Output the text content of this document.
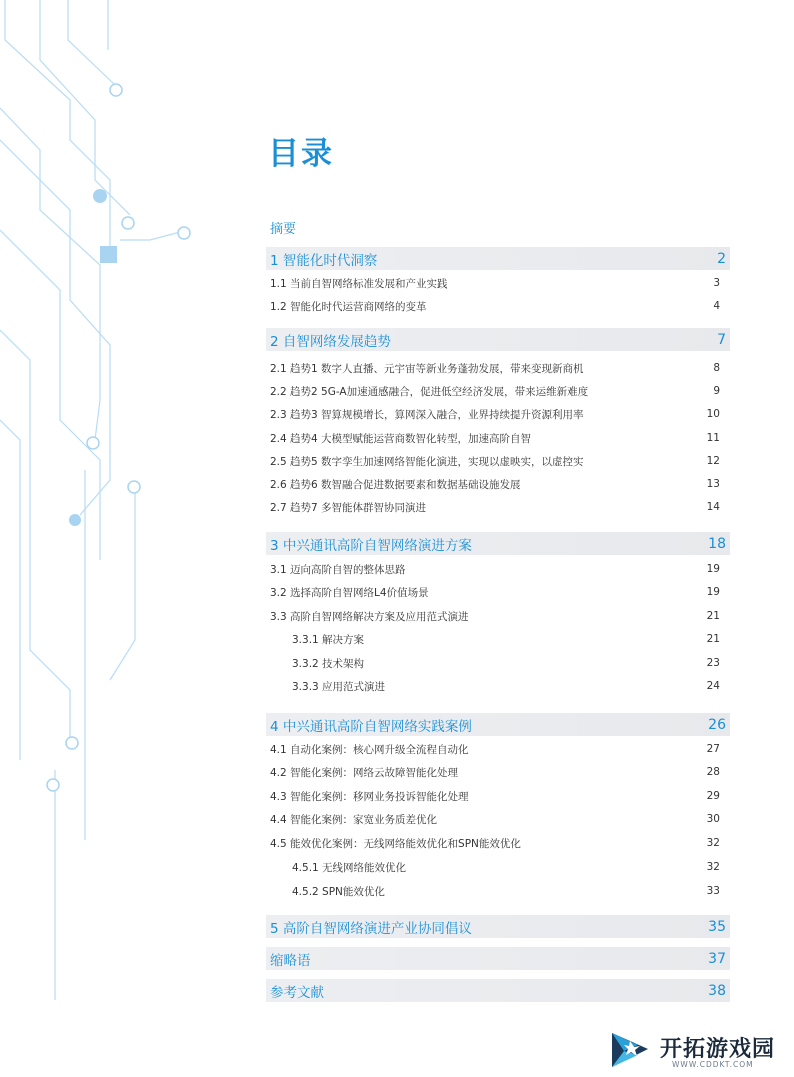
目录
摘要
1 智能化时代洞察	2
1.1 当前自智网络标准发展和产业实践	3
1.2 智能化时代运营商网络的变革	4
2 自智网络发展趋势	7
2.1 趋势1 数字人直播、元宇宙等新业务蓬勃发展，带来变现新商机	8
2.2 趋势2 5G-A加速通感融合，促进低空经济发展，带来运维新难度	9
2.3 趋势3 智算规模增长，算网深入融合，业界持续提升资源利用率	10
2.4 趋势4 大模型赋能运营商数智化转型，加速高阶自智	11
2.5 趋势5 数字孪生加速网络智能化演进，实现以虚映实，以虚控实	12
2.6 趋势6 数智融合促进数据要素和数据基础设施发展	13
2.7 趋势7 多智能体群智协同演进	14
3 中兴通讯高阶自智网络演进方案	18
3.1 迈向高阶自智的整体思路	19
3.2 选择高阶自智网络L4价值场景	19
3.3 高阶自智网络解决方案及应用范式演进	21
3.3.1 解决方案	21
3.3.2 技术架构	23
3.3.3 应用范式演进	24
4 中兴通讯高阶自智网络实践案例	26
4.1 自动化案例：核心网升级全流程自动化	27
4.2 智能化案例：网络云故障智能化处理	28
4.3 智能化案例：移网业务投诉智能化处理	29
4.4 智能化案例：家宽业务质差优化	30
4.5 能效优化案例：无线网络能效优化和SPN能效优化	32
4.5.1 无线网络能效优化	32
4.5.2 SPN能效优化	33
5 高阶自智网络演进产业协同倡议	35
缩略语	37
参考文献	38
开拓游戏园
WWW.CDDKT.COM
